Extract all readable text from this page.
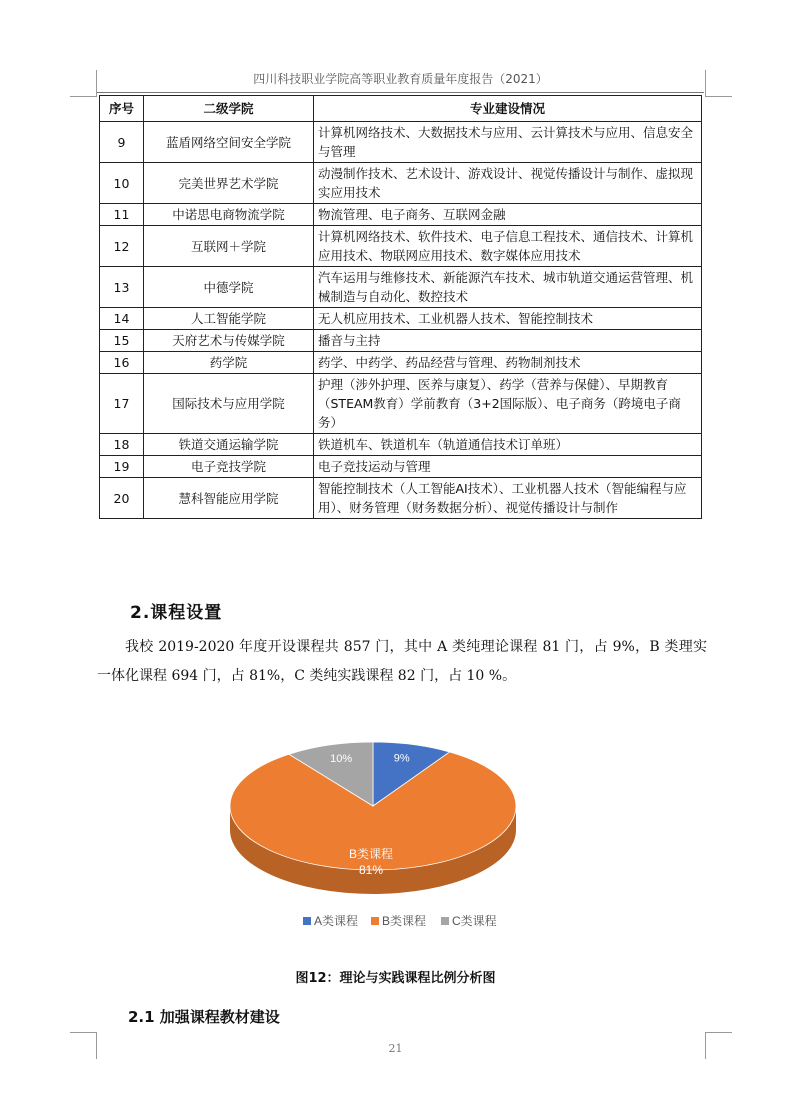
四川科技职业学院高等职业教育质量年度报告（2021）
序号	二级学院	专业建设情况
9	蓝盾网络空间安全学院	计算机网络技术、大数据技术与应用、云计算技术与应用、信息安全与管理
10	完美世界艺术学院	动漫制作技术、艺术设计、游戏设计、视觉传播设计与制作、虚拟现实应用技术
11	中诺思电商物流学院	物流管理、电子商务、互联网金融
12	互联网＋学院	计算机网络技术、软件技术、电子信息工程技术、通信技术、计算机应用技术、物联网应用技术、数字媒体应用技术
13	中德学院	汽车运用与维修技术、新能源汽车技术、城市轨道交通运营管理、机械制造与自动化、数控技术
14	人工智能学院	无人机应用技术、工业机器人技术、智能控制技术
15	天府艺术与传媒学院	播音与主持
16	药学院	药学、中药学、药品经营与管理、药物制剂技术
17	国际技术与应用学院	护理（涉外护理、医养与康复）、药学（营养与保健）、早期教育（STEAM教育）学前教育（3+2国际版）、电子商务（跨境电子商务）
18	铁道交通运输学院	铁道机车、铁道机车（轨道通信技术订单班）
19	电子竞技学院	电子竞技运动与管理
20	慧科智能应用学院	智能控制技术（人工智能AI技术）、工业机器人技术（智能编程与应用）、财务管理（财务数据分析）、视觉传播设计与制作
2.课程设置
我校 2019-2020 年度开设课程共 857 门，其中 A 类纯理论课程 81 门，占 9%，B 类理实一体化课程 694 门，占 81%，C 类纯实践课程 82 门，占 10 %。
9%
B类课程
81%
10%
A类课程 B类课程 C类课程
图12：理论与实践课程比例分析图
2.1 加强课程教材建设
21
